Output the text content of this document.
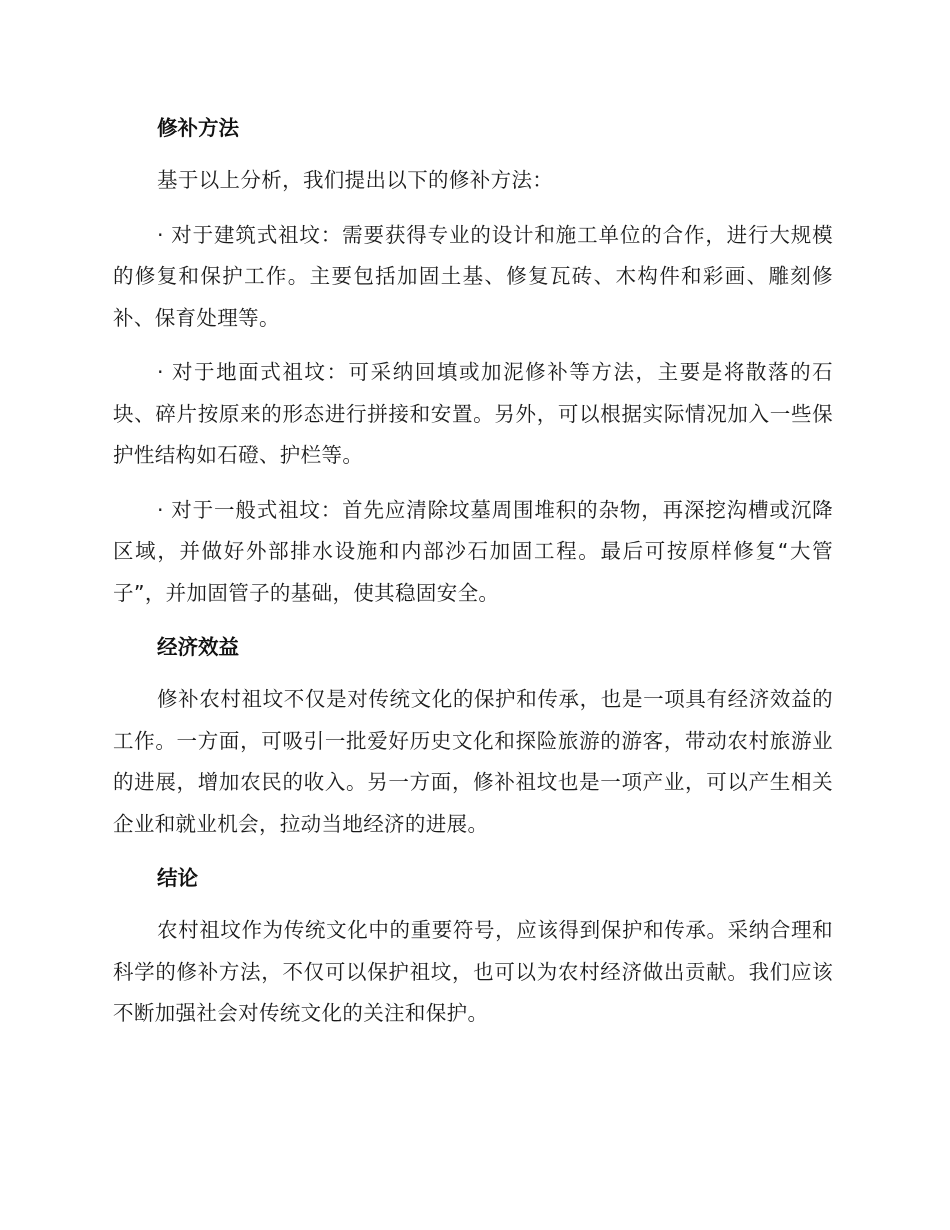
修补方法

基于以上分析，我们提出以下的修补方法：

· 对于建筑式祖坟：需要获得专业的设计和施工单位的合作，进行大规模的修复和保护工作。主要包括加固土基、修复瓦砖、木构件和彩画、雕刻修补、保育处理等。

· 对于地面式祖坟：可采纳回填或加泥修补等方法，主要是将散落的石块、碎片按原来的形态进行拼接和安置。另外，可以根据实际情况加入一些保护性结构如石磴、护栏等。

· 对于一般式祖坟：首先应清除坟墓周围堆积的杂物，再深挖沟槽或沉降区域，并做好外部排水设施和内部沙石加固工程。最后可按原样修复“大管子”，并加固管子的基础，使其稳固安全。

经济效益

修补农村祖坟不仅是对传统文化的保护和传承，也是一项具有经济效益的工作。一方面，可吸引一批爱好历史文化和探险旅游的游客，带动农村旅游业的进展，增加农民的收入。另一方面，修补祖坟也是一项产业，可以产生相关企业和就业机会，拉动当地经济的进展。

结论

农村祖坟作为传统文化中的重要符号，应该得到保护和传承。采纳合理和科学的修补方法，不仅可以保护祖坟，也可以为农村经济做出贡献。我们应该不断加强社会对传统文化的关注和保护。
